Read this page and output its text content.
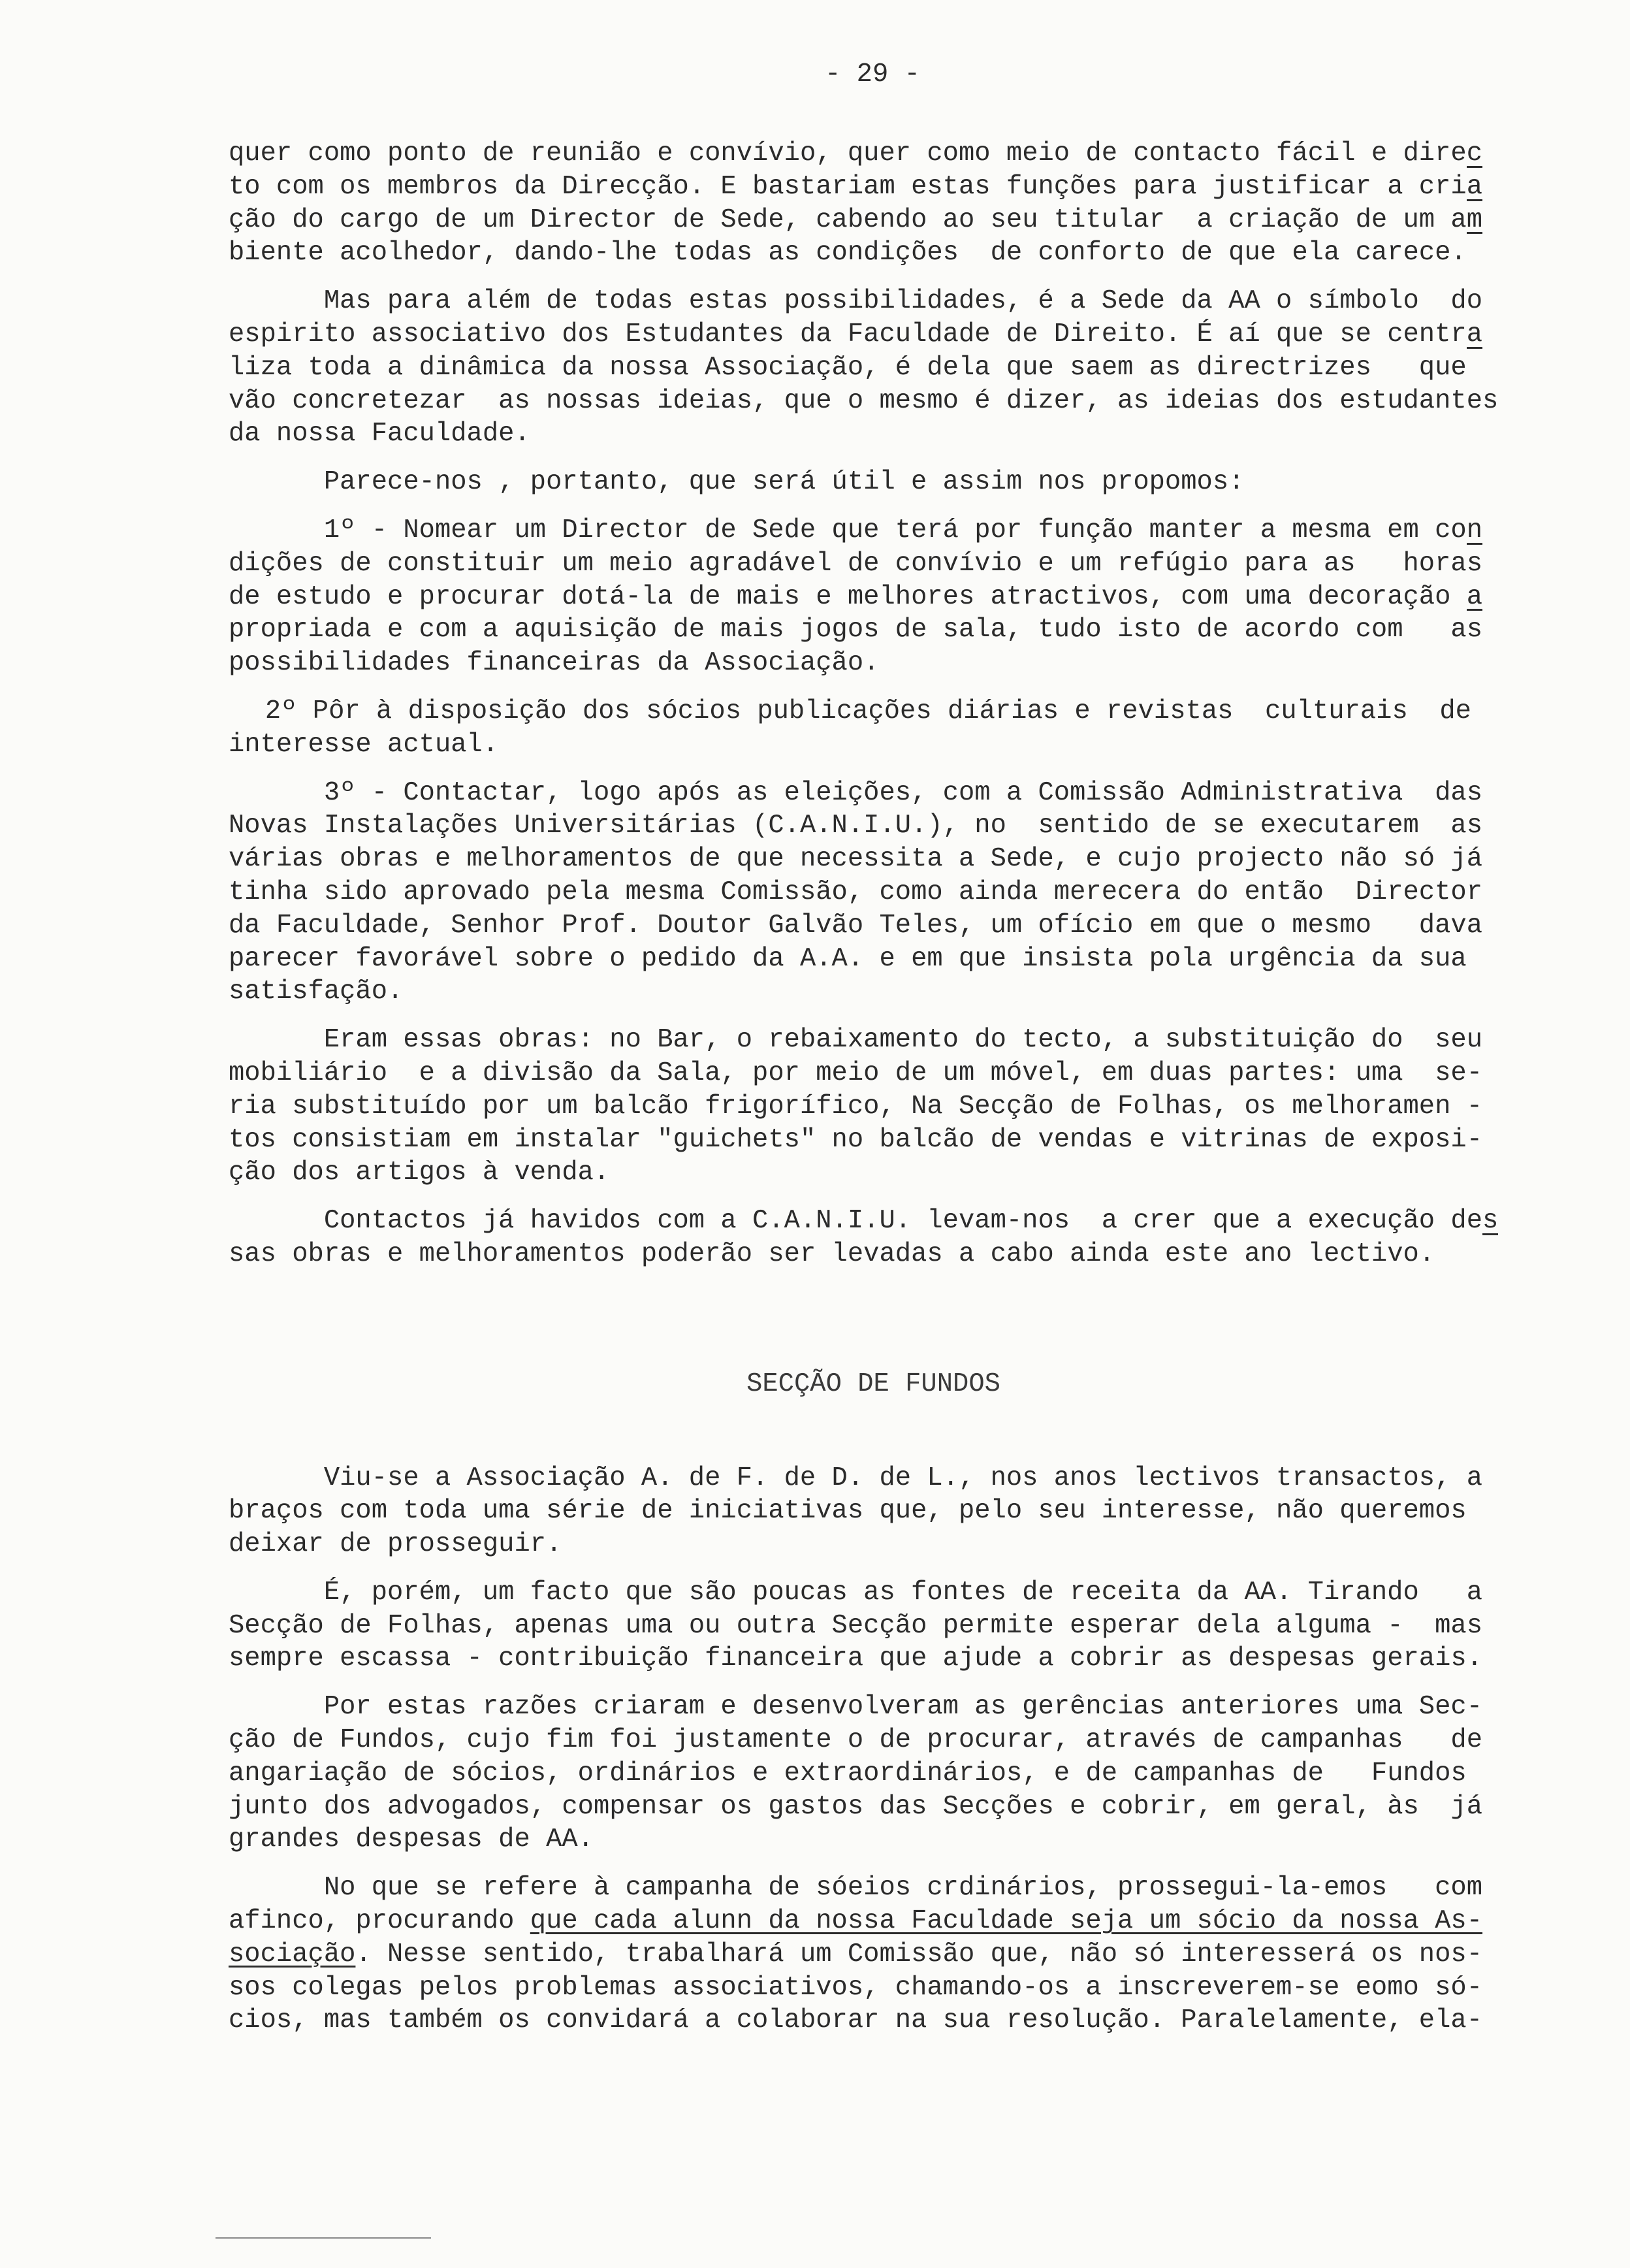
- 29 -
quer como ponto de reunião e convívio, quer como meio de contacto fácil e direc
to com os membros da Direcção. E bastariam estas funções para justificar a cria
ção do cargo de um Director de Sede, cabendo ao seu titular  a criação de um am
biente acolhedor, dando-lhe todas as condições  de conforto de que ela carece.
Mas para além de todas estas possibilidades, é a Sede da AA o símbolo  do
espirito associativo dos Estudantes da Faculdade de Direito. É aí que se centra
liza toda a dinâmica da nossa Associação, é dela que saem as directrizes   que
vão concretezar  as nossas ideias, que o mesmo é dizer, as ideias dos estudantes
da nossa Faculdade.
Parece-nos , portanto, que será útil e assim nos propomos:
1º - Nomear um Director de Sede que terá por função manter a mesma em con
dições de constituir um meio agradável de convívio e um refúgio para as   horas
de estudo e procurar dotá-la de mais e melhores atractivos, com uma decoração a
propriada e com a aquisição de mais jogos de sala, tudo isto de acordo com   as
possibilidades financeiras da Associação.
2º Pôr à disposição dos sócios publicações diárias e revistas  culturais  de
interesse actual.
3º - Contactar, logo após as eleições, com a Comissão Administrativa  das
Novas Instalações Universitárias (C.A.N.I.U.), no  sentido de se executarem  as
várias obras e melhoramentos de que necessita a Sede, e cujo projecto não só já
tinha sido aprovado pela mesma Comissão, como ainda merecera do então  Director
da Faculdade, Senhor Prof. Doutor Galvão Teles, um ofício em que o mesmo   dava
parecer favorável sobre o pedido da A.A. e em que insista pola urgência da sua
satisfação.
Eram essas obras: no Bar, o rebaixamento do tecto, a substituição do  seu
mobiliário  e a divisão da Sala, por meio de um móvel, em duas partes: uma  se-
ria substituído por um balcão frigorífico, Na Secção de Folhas, os melhoramen -
tos consistiam em instalar "guichets" no balcão de vendas e vitrinas de exposi-
ção dos artigos à venda.
Contactos já havidos com a C.A.N.I.U. levam-nos  a crer que a execução des
sas obras e melhoramentos poderão ser levadas a cabo ainda este ano lectivo.
SECÇÃO DE FUNDOS
Viu-se a Associação A. de F. de D. de L., nos anos lectivos transactos, a
braços com toda uma série de iniciativas que, pelo seu interesse, não queremos
deixar de prosseguir.
É, porém, um facto que são poucas as fontes de receita da AA. Tirando   a
Secção de Folhas, apenas uma ou outra Secção permite esperar dela alguma -  mas
sempre escassa - contribuição financeira que ajude a cobrir as despesas gerais.
Por estas razões criaram e desenvolveram as gerências anteriores uma Sec-
ção de Fundos, cujo fim foi justamente o de procurar, através de campanhas   de
angariação de sócios, ordinários e extraordinários, e de campanhas de   Fundos
junto dos advogados, compensar os gastos das Secções e cobrir, em geral, às  já
grandes despesas de AA.
No que se refere à campanha de sóeios crdinários, prossegui-la-emos   com
afinco, procurando que cada alunn da nossa Faculdade seja um sócio da nossa As-
sociação. Nesse sentido, trabalhará um Comissão que, não só interesserá os nos-
sos colegas pelos problemas associativos, chamando-os a inscreverem-se eomo só-
cios, mas também os convidará a colaborar na sua resolução. Paralelamente, ela-
